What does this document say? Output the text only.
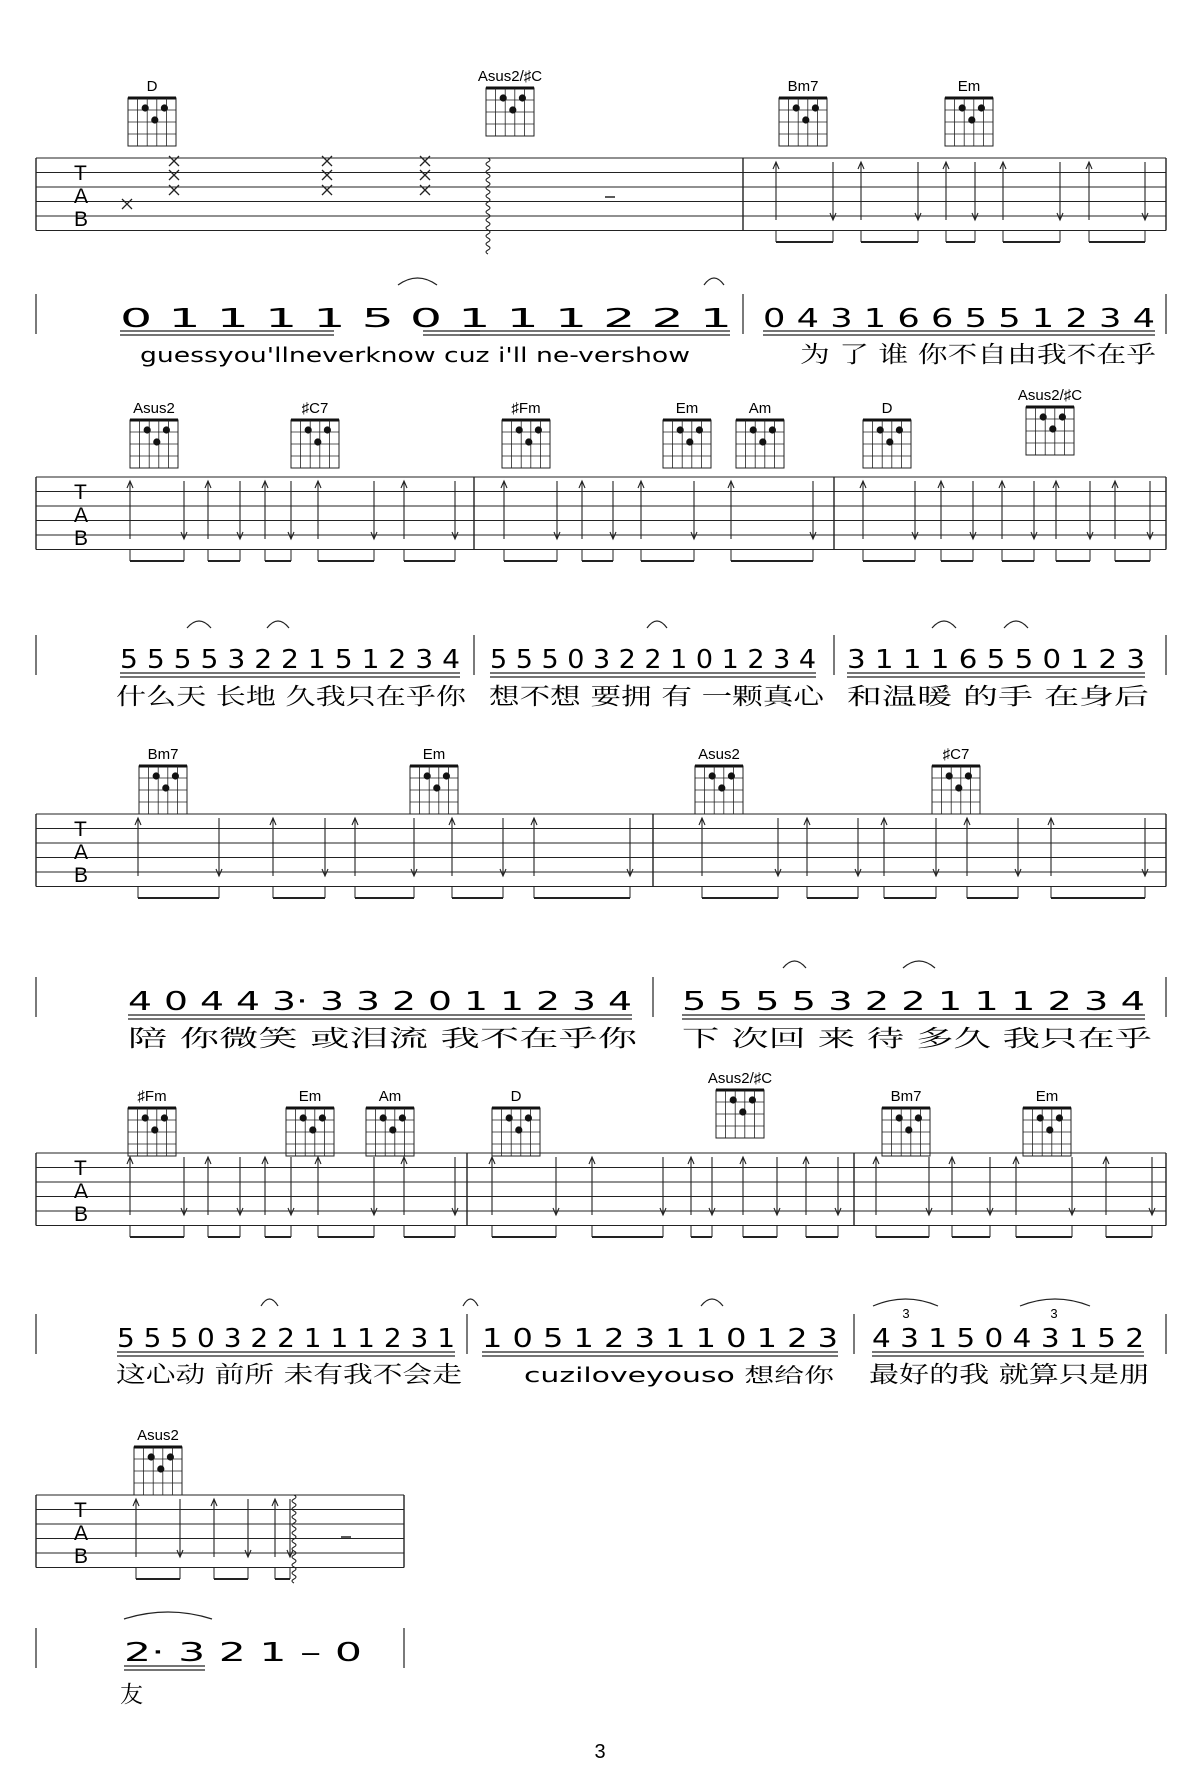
D
Asus2/♯C
Bm7	Em
Asus2	♯C7	♯Fm	Em	Am	D
Asus2/♯C
Bm7	Em	Asus2	♯C7
♯Fm	Em	Am	D
Asus2/♯C
Bm7	Em
Asus2
T
A
B
T
A
B
T
A
B
T
A
B
T
A
B
0 1 1 1 1 5 0 1 1 1 2 2 1 0 4 3 1 6 6 5 5 1 2 3 4
5 5 5 5 3 2 2 1 5 1 2 3 4 5 5 5 0 3 2 2 1 0 1 2 3 4 3 1 1 1 6 5 5 0 1 2 3
4 0 4 4 3· 3 3 2 0 1 1 2 3 4 5 5 5 5 3 2 2 1 1 1 2 3 4
5 5 5 0 3 2 2 1 1 1 2 3 1 1 0 5 1 2 3 1 1 0 1 2 3 4 3 1 5 0 4 3 1 5 2
2· 3 2 1 – 0
guessyou'llneverknow cuz i'll ne-vershow	为 了 谁 你不自由我不在乎
什么天 长地 久我只在乎你 想不想 要拥 有 一颗真心 和温暖 的手 在身后
陪 你微笑 或泪流 我不在乎你 下 次回 来 待 多久 我只在乎
这心动 前所 未有我不会走	cuziloveyouso 想给你 最好的我 就算只是朋
友
3	3
3
